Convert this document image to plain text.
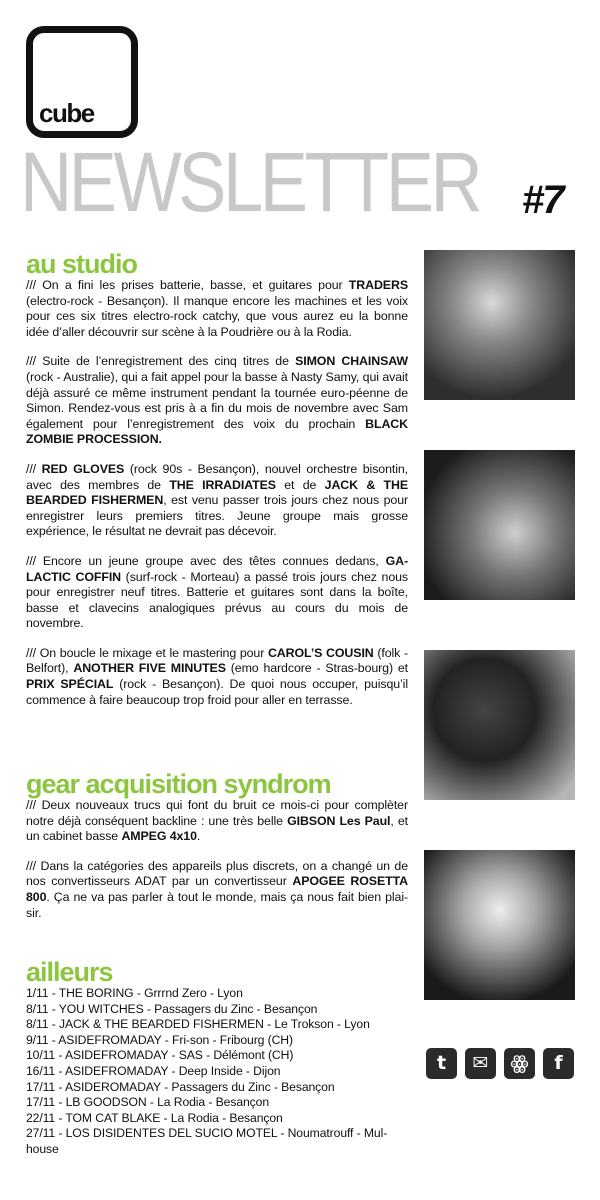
cube
NEWSLETTER #7
au studio

/// On a fini les prises batterie, basse, et guitares pour TRADERS (electro-rock - Besançon). Il manque encore les machines et les voix pour ces six titres electro-rock catchy, que vous aurez eu la bonne idée d’aller découvrir sur scène à la Poudrière ou à la Rodia.

/// Suite de l’enregistrement des cinq titres de SIMON CHAINSAW (rock - Australie), qui a fait appel pour la basse à Nasty Samy, qui avait déjà assuré ce même instrument pendant la tournée euro-péenne de Simon. Rendez-vous est pris à a fin du mois de novembre avec Sam également pour l’enregistrement des voix du prochain BLACK ZOMBIE PROCESSION.

/// RED GLOVES (rock 90s - Besançon), nouvel orchestre bisontin, avec des membres de THE IRRADIATES et de JACK & THE BEARDED FISHERMEN, est venu passer trois jours chez nous pour enregistrer leurs premiers titres. Jeune groupe mais grosse expérience, le résultat ne devrait pas décevoir.

/// Encore un jeune groupe avec des têtes connues dedans, GA-LACTIC COFFIN (surf-rock - Morteau) a passé trois jours chez nous pour enregistrer neuf titres. Batterie et guitares sont dans la boîte, basse et clavecins analogiques prévus au cours du mois de novembre.

/// On boucle le mixage et le mastering pour CAROL’S COUSIN (folk - Belfort), ANOTHER FIVE MINUTES (emo hardcore - Stras-bourg) et PRIX SPÉCIAL (rock - Besançon). De quoi nous occuper, puisqu’il commence à faire beaucoup trop froid pour aller en terrasse.

gear acquisition syndrom

/// Deux nouveaux trucs qui font du bruit ce mois-ci pour complèter notre déjà conséquent backline : une très belle GIBSON Les Paul, et un cabinet basse AMPEG 4x10.

/// Dans la catégories des appareils plus discrets, on a changé un de nos convertisseurs ADAT par un convertisseur APOGEE ROSETTA 800. Ça ne va pas parler à tout le monde, mais ça nous fait bien plai-sir.

ailleurs
1/11 - THE BORING - Grrrnd Zero - Lyon
8/11 - YOU WITCHES - Passagers du Zinc - Besançon
8/11 - JACK & THE BEARDED FISHERMEN - Le Trokson - Lyon
9/11 - ASIDEFROMADAY - Fri-son - Fribourg (CH)
10/11 - ASIDEFROMADAY - SAS - Délémont (CH)
16/11 - ASIDEFROMADAY - Deep Inside - Dijon
17/11 - ASIDEROMADAY - Passagers du Zinc - Besançon
17/11 - LB GOODSON - La Rodia - Besançon
22/11 - TOM CAT BLAKE - La Rodia - Besançon
27/11 - LOS DISIDENTES DEL SUCIO MOTEL - Noumatrouff - Mul-house
t	✉	ꙮ	f
